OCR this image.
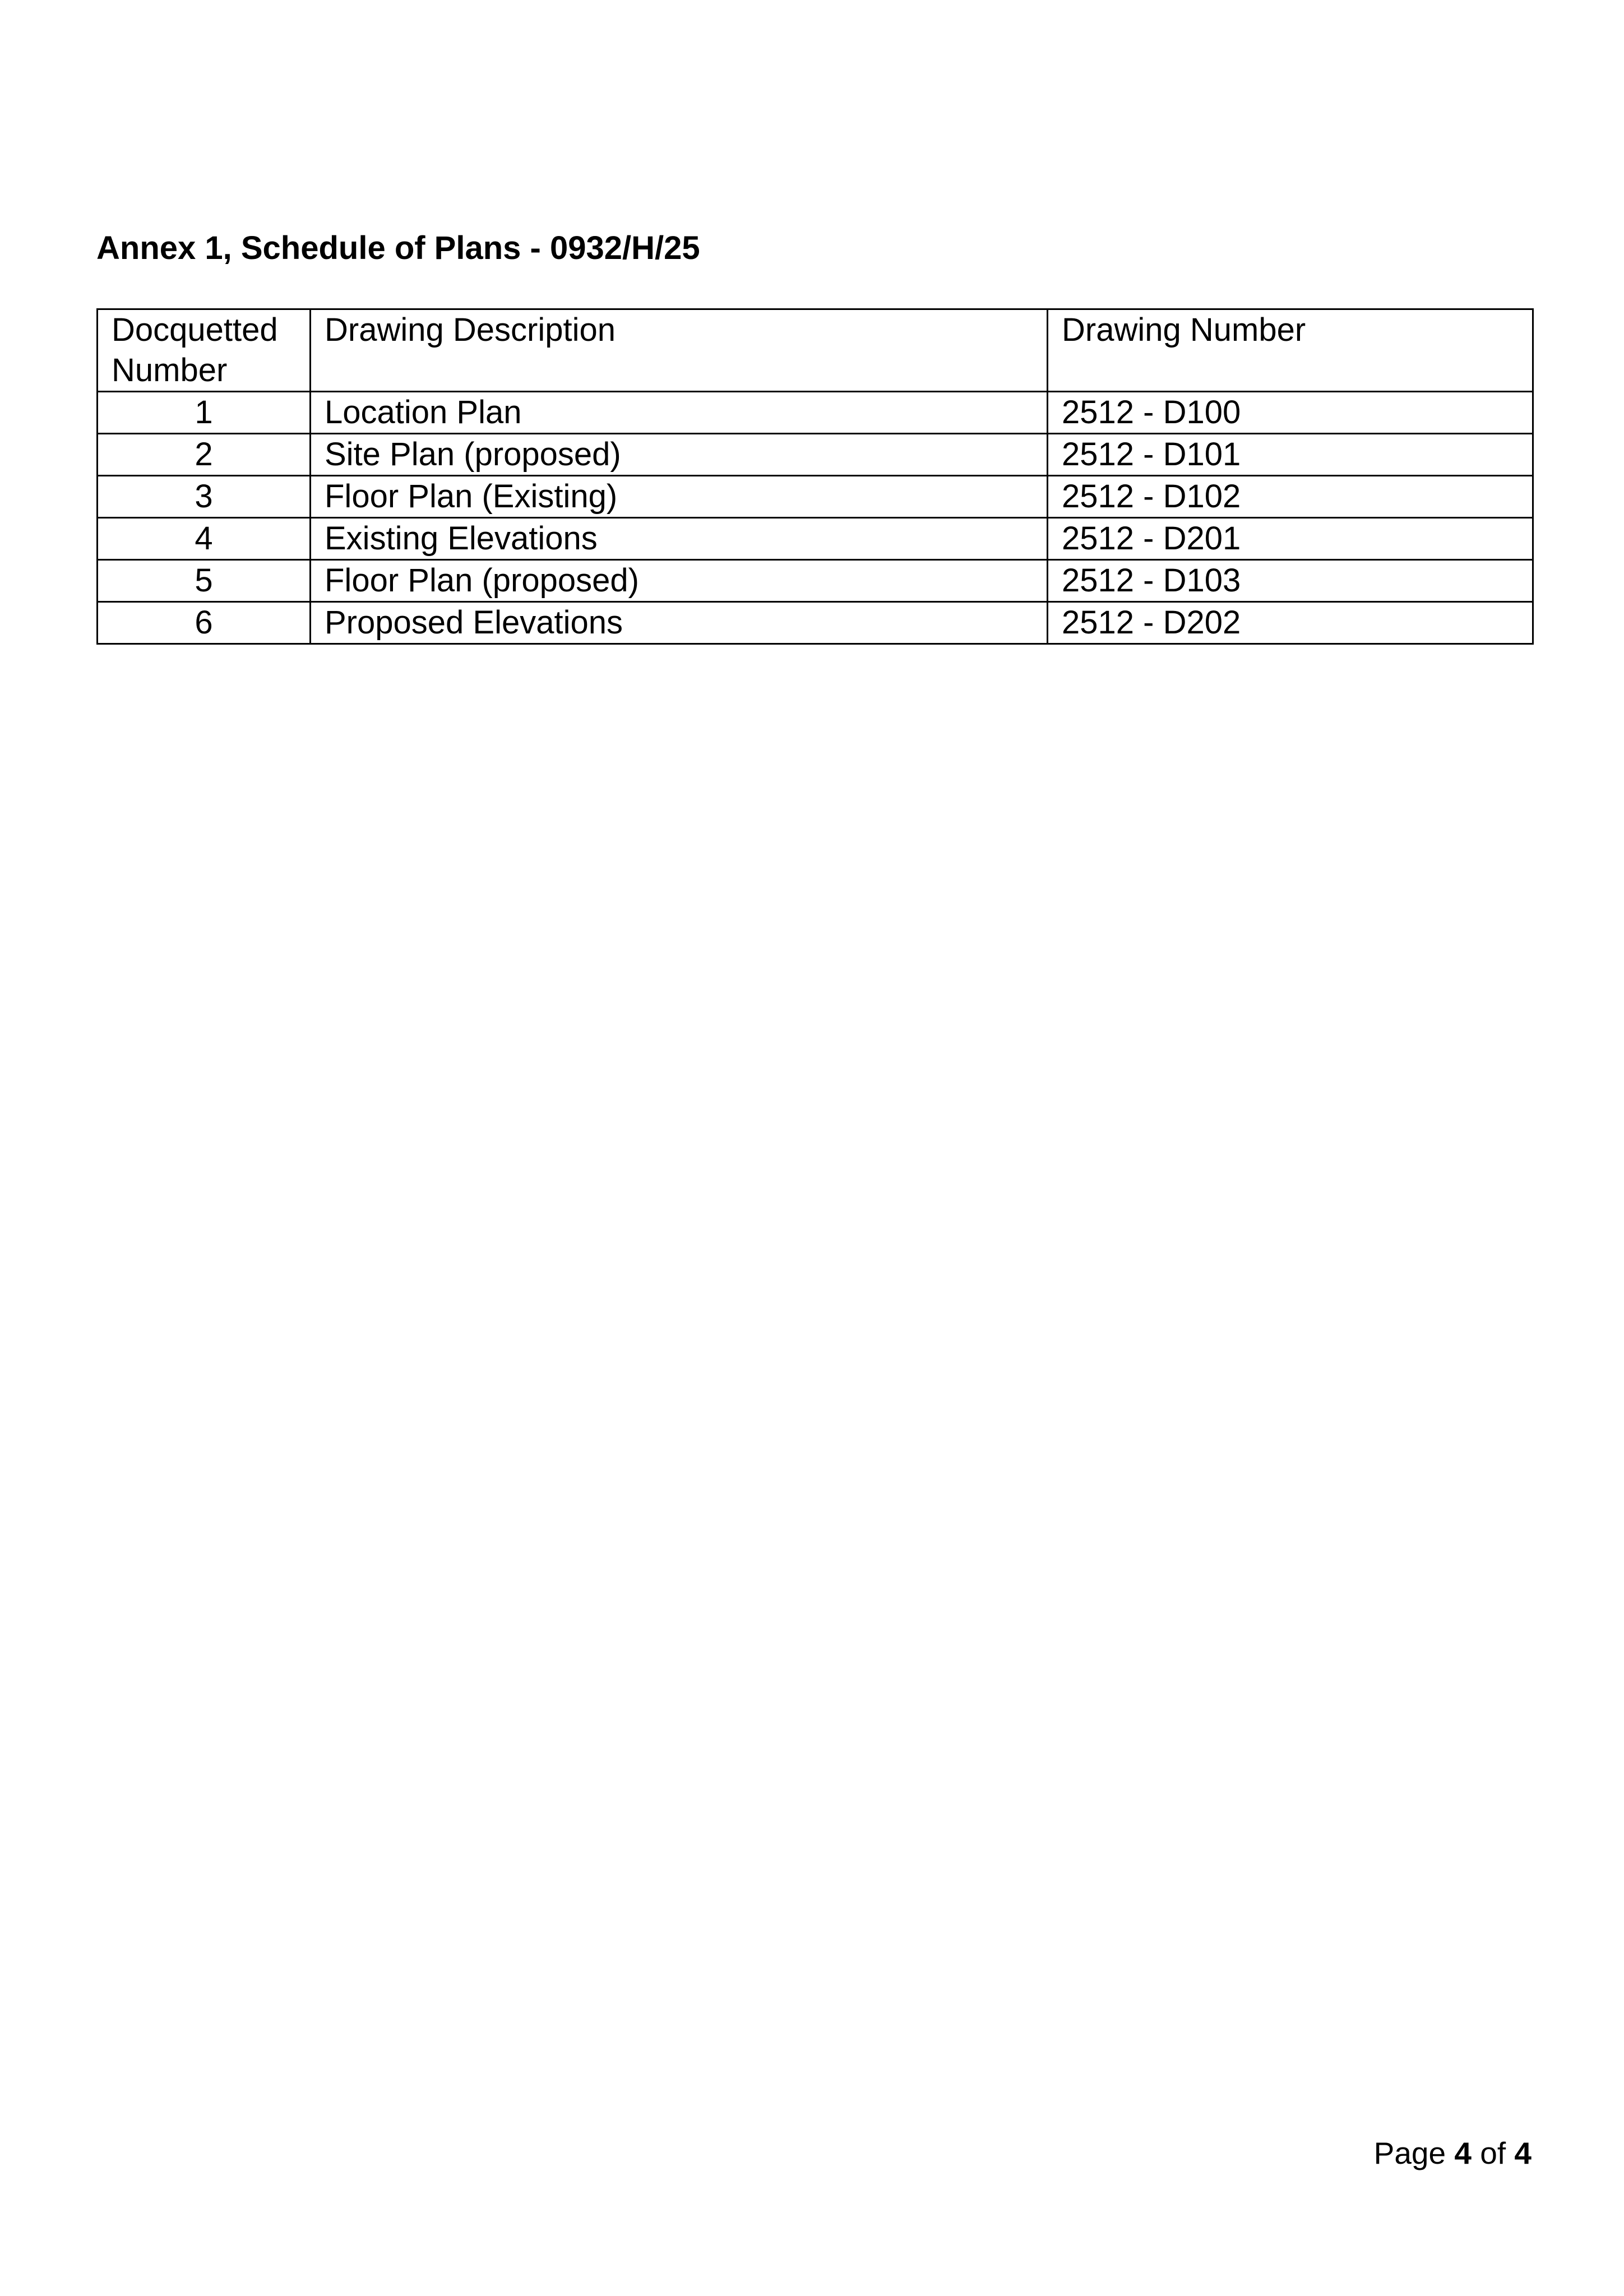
Annex 1, Schedule of Plans - 0932/H/25
Docquetted Number	Drawing Description	Drawing Number
1	Location Plan	2512 - D100
2	Site Plan (proposed)	2512 - D101
3	Floor Plan (Existing)	2512 - D102
4	Existing Elevations	2512 - D201
5	Floor Plan (proposed)	2512 - D103
6	Proposed Elevations	2512 - D202
Page 4 of 4
